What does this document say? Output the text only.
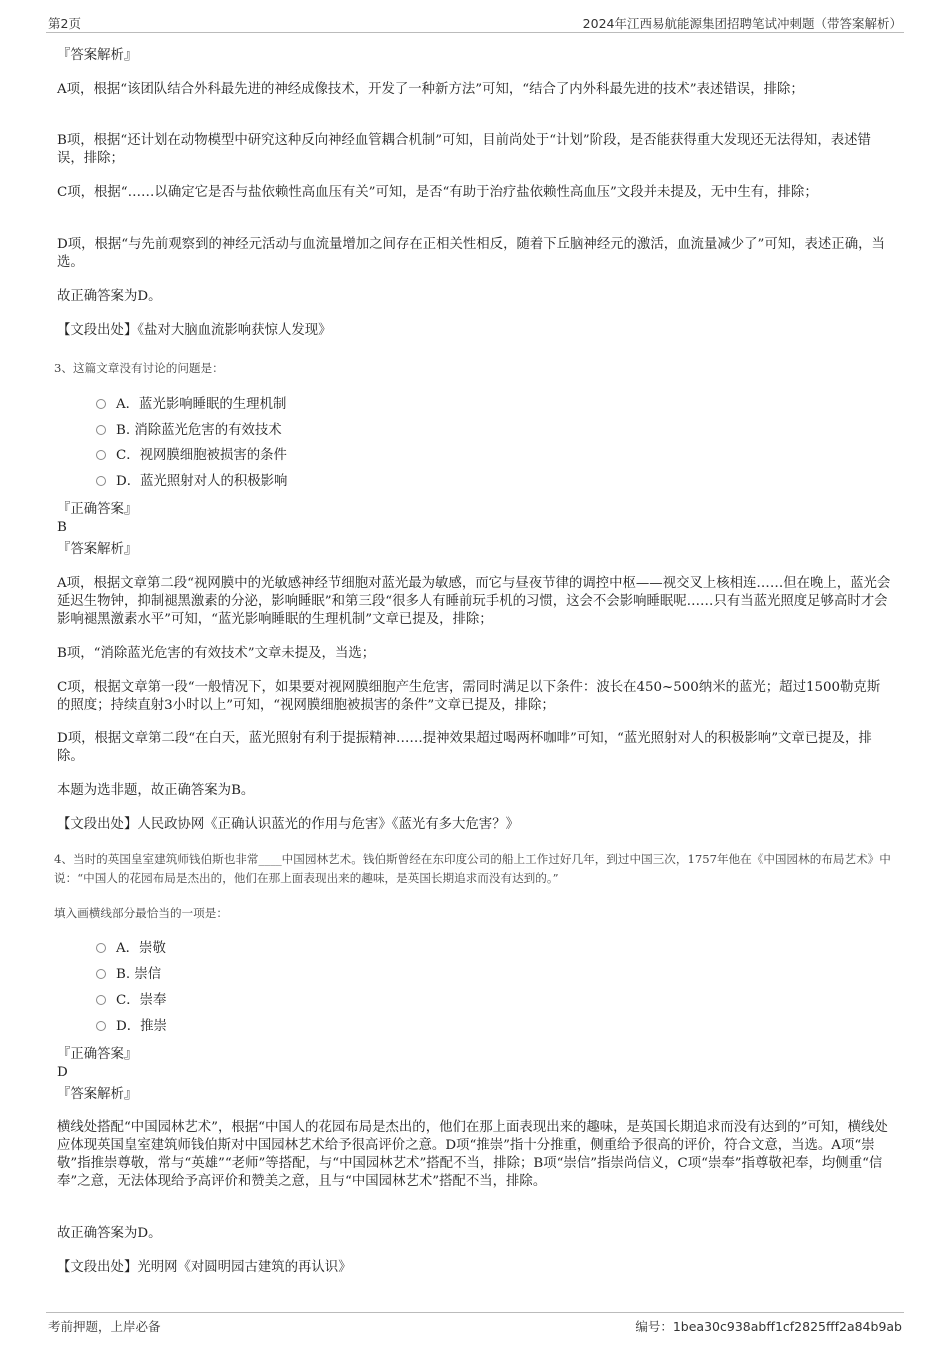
第2页	2024年江西易航能源集团招聘笔试冲刺题（带答案解析）
『答案解析』
A项，根据“该团队结合外科最先进的神经成像技术，开发了一种新方法”可知，“结合了内外科最先进的技术”表述错误，排除；
B项，根据“还计划在动物模型中研究这种反向神经血管耦合机制”可知，目前尚处于“计划”阶段，是否能获得重大发现还无法得知，表述错误，排除；
C项，根据“……以确定它是否与盐依赖性高血压有关”可知，是否“有助于治疗盐依赖性高血压”文段并未提及，无中生有，排除；
D项，根据“与先前观察到的神经元活动与血流量增加之间存在正相关性相反，随着下丘脑神经元的激活，血流量减少了”可知，表述正确，当选。
故正确答案为D。
【文段出处】《盐对大脑血流影响获惊人发现》
3、这篇文章没有讨论的问题是：
A．蓝光影响睡眠的生理机制
B. 消除蓝光危害的有效技术
C．视网膜细胞被损害的条件
D．蓝光照射对人的积极影响
『正确答案』
B
『答案解析』
A项，根据文章第二段“视网膜中的光敏感神经节细胞对蓝光最为敏感，而它与昼夜节律的调控中枢——视交叉上核相连……但在晚上，蓝光会延迟生物钟，抑制褪黑激素的分泌，影响睡眠”和第三段“很多人有睡前玩手机的习惯，这会不会影响睡眠呢……只有当蓝光照度足够高时才会影响褪黑激素水平”可知，“蓝光影响睡眠的生理机制”文章已提及，排除；
B项，“消除蓝光危害的有效技术”文章未提及，当选；
C项，根据文章第一段“一般情况下，如果要对视网膜细胞产生危害，需同时满足以下条件：波长在450~500纳米的蓝光；超过1500勒克斯的照度；持续直射3小时以上”可知，“视网膜细胞被损害的条件”文章已提及，排除；
D项，根据文章第二段“在白天，蓝光照射有利于提振精神……提神效果超过喝两杯咖啡”可知，“蓝光照射对人的积极影响”文章已提及，排除。
本题为选非题，故正确答案为B。
【文段出处】人民政协网《正确认识蓝光的作用与危害》《蓝光有多大危害？》
4、当时的英国皇室建筑师钱伯斯也非常____中国园林艺术。钱伯斯曾经在东印度公司的船上工作过好几年，到过中国三次，1757年他在《中国园林的布局艺术》中说：“中国人的花园布局是杰出的，他们在那上面表现出来的趣味，是英国长期追求而没有达到的。”
填入画横线部分最恰当的一项是：
A．崇敬
B. 崇信
C．崇奉
D．推崇
『正确答案』
D
『答案解析』
横线处搭配“中国园林艺术”，根据“中国人的花园布局是杰出的，他们在那上面表现出来的趣味，是英国长期追求而没有达到的”可知，横线处应体现英国皇室建筑师钱伯斯对中国园林艺术给予很高评价之意。D项“推崇”指十分推重，侧重给予很高的评价，符合文意，当选。A项“崇敬”指推崇尊敬，常与“英雄”“老师”等搭配，与“中国园林艺术”搭配不当，排除；B项“崇信”指崇尚信义，C项“崇奉”指尊敬祀奉，均侧重“信奉”之意，无法体现给予高评价和赞美之意，且与“中国园林艺术”搭配不当，排除。
故正确答案为D。
【文段出处】光明网《对圆明园古建筑的再认识》
考前押题，上岸必备	编号：1bea30c938abff1cf2825fff2a84b9ab
